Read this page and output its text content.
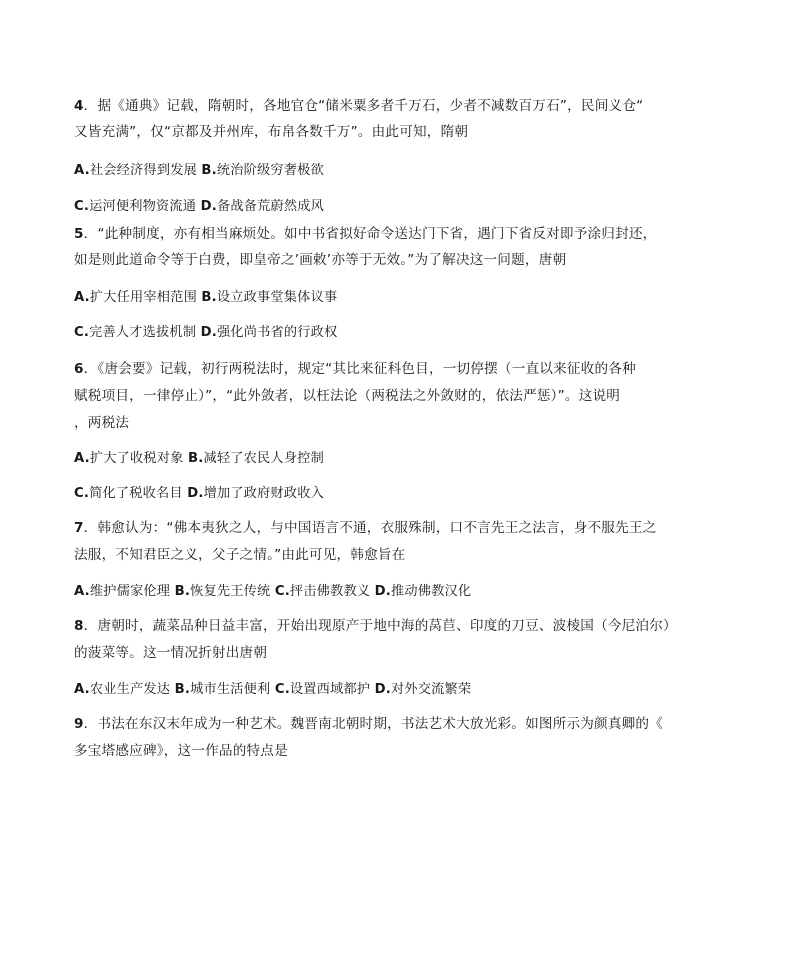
4．据《通典》记载，隋朝时，各地官仓“储米粟多者千万石，少者不减数百万石”，民间义仓“
又皆充满”，仅“京都及并州库，布帛各数千万”。由此可知，隋朝
A.社会经济得到发展 B.统治阶级穷奢极欲
C.运河便利物资流通 D.备战备荒蔚然成风
5．“此种制度，亦有相当麻烦处。如中书省拟好命令送达门下省，遇门下省反对即予涂归封还，
如是则此道命令等于白费，即皇帝之’画敕’亦等于无效。”为了解决这一问题，唐朝
A.扩大任用宰相范围 B.设立政事堂集体议事
C.完善人才选拔机制 D.强化尚书省的行政权
6．《唐会要》记载，初行两税法时，规定“其比来征科色目，一切停摆（一直以来征收的各种
赋税项目，一律停止）”，“此外敛者，以枉法论（两税法之外敛财的，依法严惩）”。这说明
，两税法
A.扩大了收税对象 B.减轻了农民人身控制
C.简化了税收名目 D.增加了政府财政收入
7．韩愈认为：“佛本夷狄之人，与中国语言不通，衣服殊制，口不言先王之法言，身不服先王之
法服，不知君臣之义，父子之情。”由此可见，韩愈旨在
A.维护儒家伦理 B.恢复先王传统 C.抨击佛教教义 D.推动佛教汉化
8．唐朝时，蔬菜品种日益丰富，开始出现原产于地中海的莴苣、印度的刀豆、波棱国（今尼泊尔）
的菠菜等。这一情况折射出唐朝
A.农业生产发达 B.城市生活便利 C.设置西域都护 D.对外交流繁荣
9．书法在东汉末年成为一种艺术。魏晋南北朝时期，书法艺术大放光彩。如图所示为颜真卿的《
多宝塔感应碑》，这一作品的特点是
